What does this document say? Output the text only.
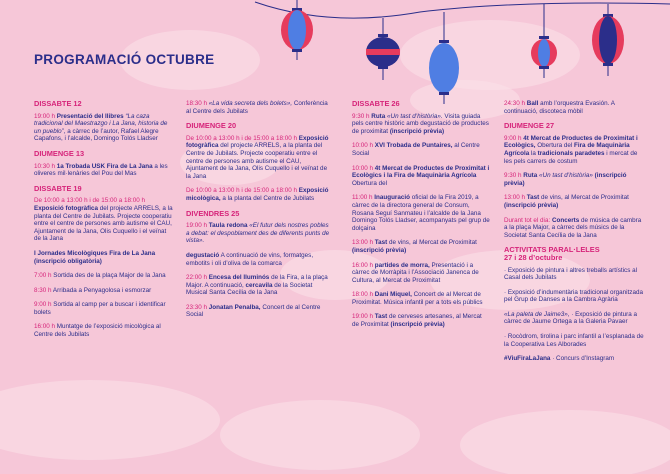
PROGRAMACIÓ OCTUBRE
DISSABTE 12
19:00 h Presentació del llibres “La caza tradicional del Maestrazgo i La Jana, historia de un pueblo”, a càrrec de l’autor, Rafael Alegre Capafons, i l’alcalde, Domingo Tolós Lladser
DIUMENGE 13
10:30 h 1a Trobada USK Fira de La Jana a les oliveres mil·lenàries del Pou del Mas
DISSABTE 19
De 10:00 a 13:00 h i de 15:00 a 18:00 h Exposició fotogràfica del projecte ARRELS, a la planta del Centre de Jubilats. Projecte cooperatiu entre el centre de persones amb autisme el CAU, Ajuntament de la Jana, Olis Cuquello i el veïnat de la Jana
I Jornades Micològiques Fira de La Jana (inscripció obligatòria)
7:00 h Sortida des de la plaça Major de la Jana
8:30 h Arribada a Penyagolosa i esmorzar
9:00 h Sortida al camp per a buscar i identificar bolets
16:00 h Muntatge de l’exposició micològica al Centre dels Jubilats
18:30 h «La vida secreta dels bolets», Conferència al Centre dels Jubilats
DIUMENGE 20
De 10:00 a 13:00 h i de 15:00 a 18:00 h Exposició fotogràfica del projecte ARRELS, a la planta del Centre de Jubilats. Projecte cooperatiu entre el centre de persones amb autisme el CAU, Ajuntament de la Jana, Olis Cuquello i el veïnat de la Jana
De 10:00 a 13:00 h i de 15:00 a 18:00 h Exposició micològica, a la planta del Centre de Jubilats
DIVENDRES 25
19:00 h Taula redona «El futur dels nostres pobles a debat: el despoblament des de diferents punts de vista».
degustació A continuació de vins, formatges, embotits i oli d’oliva de la comarca
22:00 h Encesa del lluminós de la Fira, a la plaça Major. A continuació, cercavila de la Societat Musical Santa Cecília de la Jana
23:30 h Jonatan Penalba, Concert de al Centre Social
DISSABTE 26
9:30 h Ruta «Un tast d’història». Visita guiada pels centre històric amb degustació de productes de proximitat (inscripció prèvia)
10:00 h XVI Trobada de Puntaires, al Centre Social
10:00 h 4t Mercat de Productes de Proximitat i Ecològics i la Fira de Maquinària Agrícola Obertura del
11:00 h Inauguració oficial de la Fira 2019, a càrrec de la directora general de Consum, Rosana Seguí Sanmateu i l’alcalde de la Jana Domingo Tolós Lladser, acompanyats pel grup de dolçaina
13:00 h Tast de vins, al Mercat de Proximitat (inscripció prèvia)
16:00 h partides de morra, Presentació i a càrrec de Morràpita i l’Associació Janenca de Cultura, al Mercat de Proximitat
18:00 h Dani Miquel, Concert de al Mercat de Proximitat. Música infantil per a tots els públics
19:00 h Tast de cerveses artesanes, al Mercat de Proximitat (inscripció prèvia)
24:30 h Ball amb l’orquestra Evasión. A continuació, discoteca mòbil
DIUMENGE 27
9:00 h 4t Mercat de Productes de Proximitat i Ecològics, Obertura del Fira de Maquinària Agrícola la tradicionals paradetes i mercat de les pels carrers de costum
9:30 h Ruta «Un tast d’història» (inscripció prèvia)
13:00 h Tast de vins, al Mercat de Proximitat (inscripció prèvia)
Durant tot el dia: Concerts de música de cambra a la plaça Major, a càrrec dels músics de la Societat Santa Cecília de la Jana
ACTIVITATS PARAL·LELES
27 i 28 d’octubre
· Exposició de pintura i altres treballs artístics al Casal dels Jubilats
· Exposició d’indumentària tradicional organitzada pel Grup de Danses a la Cambra Agrària
«La paleta de Jaime3», · Exposició de pintura a càrrec de Jaume Ortega a la Galeria Pavaer
· Rocòdrom, tirolina i parc infantil a l’esplanada de la Cooperativa Les Alborades
#ViuFiraLaJana · Concurs d’Instagram
